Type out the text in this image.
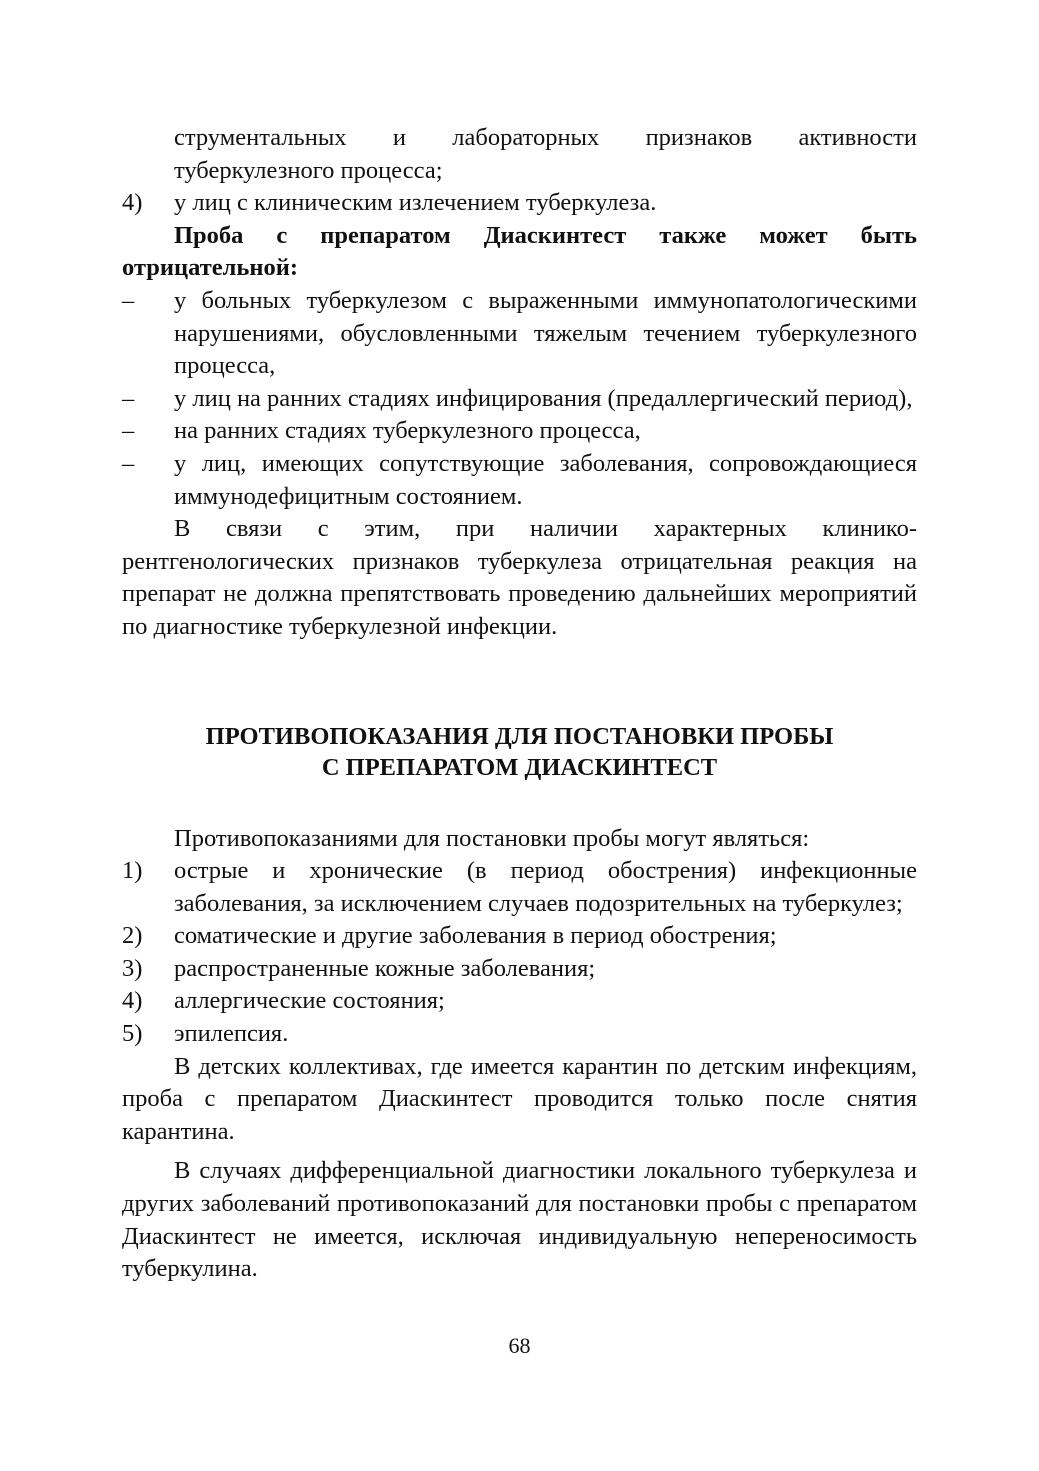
струментальных и лабораторных признаков активности туберкулезного процесса;

4) у лиц с клиническим излечением туберкулеза.

Проба с препаратом Диаскинтест также может быть отрицательной:

– у больных туберкулезом с выраженными иммунопатологическими нарушениями, обусловленными тяжелым течением туберкулезного процесса,
– у лиц на ранних стадиях инфицирования (предаллергический период),
– на ранних стадиях туберкулезного процесса,
– у лиц, имеющих сопутствующие заболевания, сопровождающиеся иммунодефицитным состоянием.

В связи с этим, при наличии характерных клинико-рентгенологических признаков туберкулеза отрицательная реакция на препарат не должна препятствовать проведению дальнейших мероприятий по диагностике туберкулезной инфекции.

ПРОТИВОПОКАЗАНИЯ ДЛЯ ПОСТАНОВКИ ПРОБЫ
С ПРЕПАРАТОМ ДИАСКИНТЕСТ

Противопоказаниями для постановки пробы могут являться:

1) острые и хронические (в период обострения) инфекционные заболевания, за исключением случаев подозрительных на туберкулез;
2) соматические и другие заболевания в период обострения;
3) распространенные кожные заболевания;
4) аллергические состояния;
5) эпилепсия.

В детских коллективах, где имеется карантин по детским инфекциям, проба с препаратом Диаскинтест проводится только после снятия карантина.

В случаях дифференциальной диагностики локального туберкулеза и других заболеваний противопоказаний для постановки пробы с препаратом Диаскинтест не имеется, исключая индивидуальную непереносимость туберкулина.

68
